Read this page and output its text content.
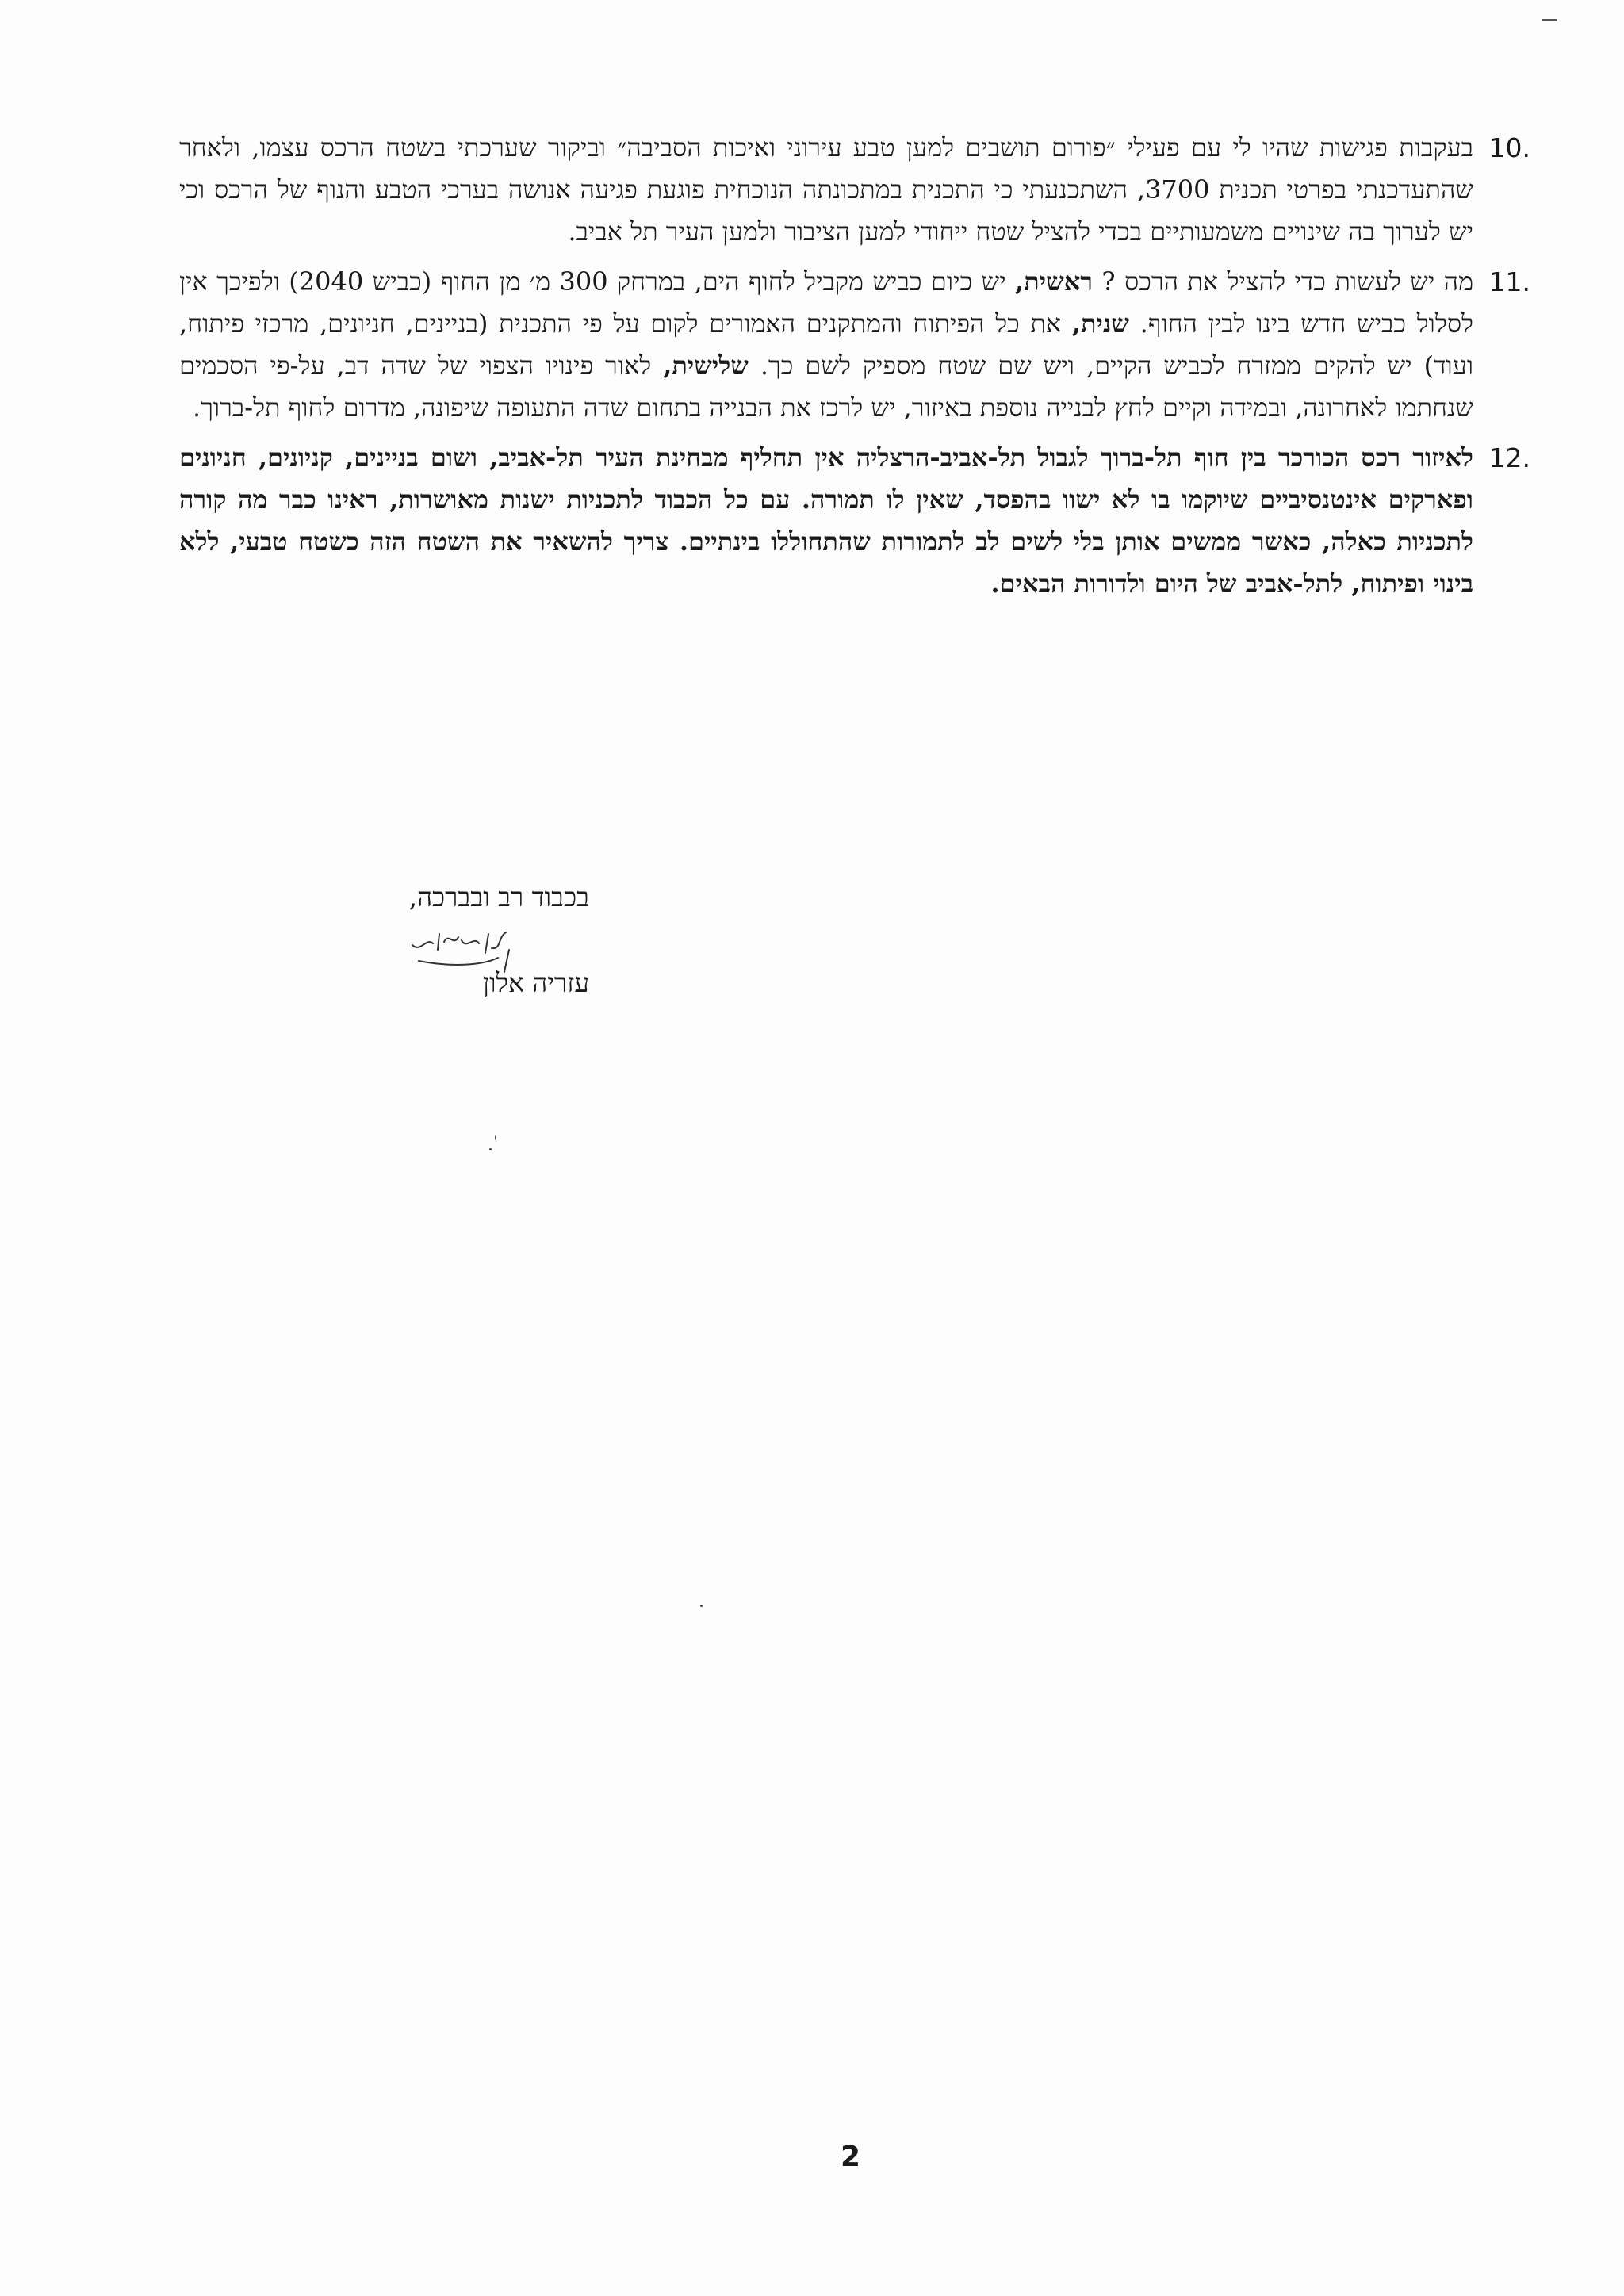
10.
בעקבות פגישות שהיו לי עם פעילי ״פורום תושבים למען טבע עירוני ואיכות הסביבה״ וביקור שערכתי בשטח הרכס עצמו, ולאחר שהתעדכנתי בפרטי תכנית 3700, השתכנעתי כי התכנית במתכונתה הנוכחית פוגעת פגיעה אנושה בערכי הטבע והנוף של הרכס וכי יש לערוך בה שינויים משמעותיים בכדי להציל שטח ייחודי למען הציבור ולמען העיר תל אביב.
11.
מה יש לעשות כדי להציל את הרכס ? ראשית, יש כיום כביש מקביל לחוף הים, במרחק 300 מ׳ מן החוף (כביש 2040) ולפיכך אין לסלול כביש חדש בינו לבין החוף. שנית, את כל הפיתוח והמתקנים האמורים לקום על פי התכנית (בניינים, חניונים, מרכזי פיתוח, ועוד) יש להקים ממזרח לכביש הקיים, ויש שם שטח מספיק לשם כך. שלישית, לאור פינויו הצפוי של שדה דב, על-פי הסכמים שנחתמו לאחרונה, ובמידה וקיים לחץ לבנייה נוספת באיזור, יש לרכז את הבנייה בתחום שדה התעופה שיפונה, מדרום לחוף תל-ברוך.
12.
לאיזור רכס הכורכר בין חוף תל-ברוך לגבול תל-אביב-הרצליה אין תחליף מבחינת העיר תל-אביב, ושום בניינים, קניונים, חניונים ופארקים אינטנסיביים שיוקמו בו לא ישוו בהפסד, שאין לו תמורה. עם כל הכבוד לתכניות ישנות מאושרות, ראינו כבר מה קורה לתכניות כאלה, כאשר ממשים אותן בלי לשים לב לתמורות שהתחוללו בינתיים. צריך להשאיר את השטח הזה כשטח טבעי, ללא בינוי ופיתוח, לתל-אביב של היום ולדורות הבאים.
בכבוד רב ובברכה,
עזריה אלון
2
